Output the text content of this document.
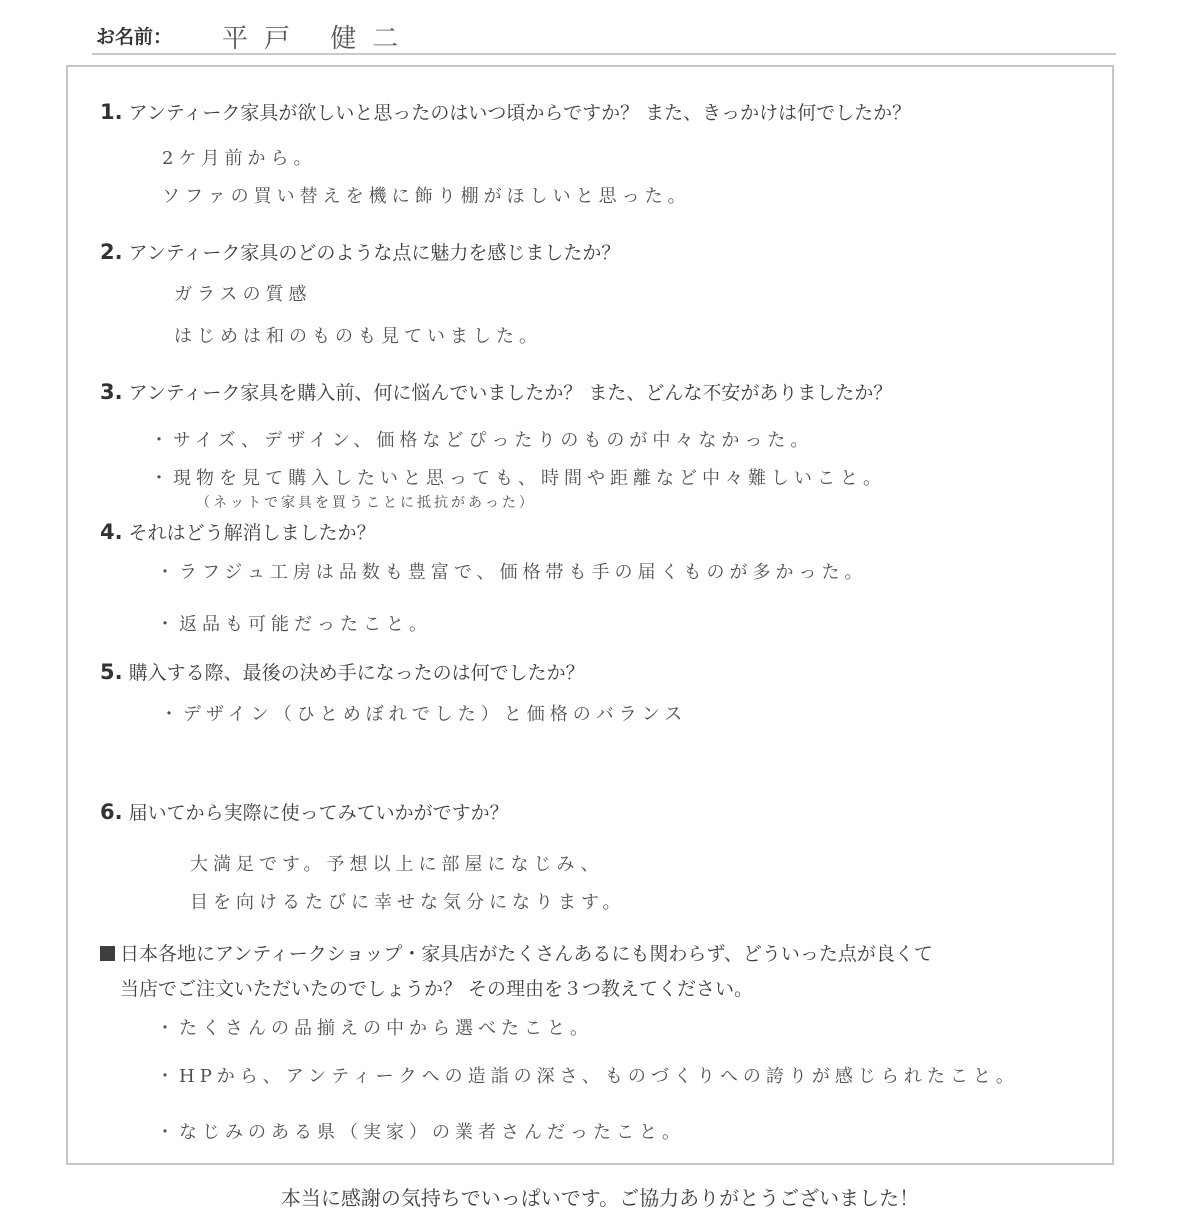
お名前： 平戸 健二
1. アンティーク家具が欲しいと思ったのはいつ頃からですか？ また、きっかけは何でしたか？
2ケ月前から。
ソファの買い替えを機に飾り棚がほしいと思った。
2. アンティーク家具のどのような点に魅力を感じましたか？
ガラスの質感
はじめは和のものも見ていました。
3. アンティーク家具を購入前、何に悩んでいましたか？ また、どんな不安がありましたか？
・サイズ、デザイン、価格などぴったりのものが中々なかった。
・現物を見て購入したいと思っても、時間や距離など中々難しいこと。
（ネットで家具を買うことに抵抗があった）
4. それはどう解消しましたか？
・ラフジュ工房は品数も豊富で、価格帯も手の届くものが多かった。
・返品も可能だったこと。
5. 購入する際、最後の決め手になったのは何でしたか？
・デザイン（ひとめぼれでした）と価格のバランス
6. 届いてから実際に使ってみていかがですか？
大満足です。予想以上に部屋になじみ、
目を向けるたびに幸せな気分になります。
日本各地にアンティークショップ・家具店がたくさんあるにも関わらず、どういった点が良くて
当店でご注文いただいたのでしょうか？ その理由を３つ教えてください。
・たくさんの品揃えの中から選べたこと。
・HPから、アンティークへの造詣の深さ、ものづくりへの誇りが感じられたこと。
・なじみのある県（実家）の業者さんだったこと。
本当に感謝の気持ちでいっぱいです。ご協力ありがとうございました！
